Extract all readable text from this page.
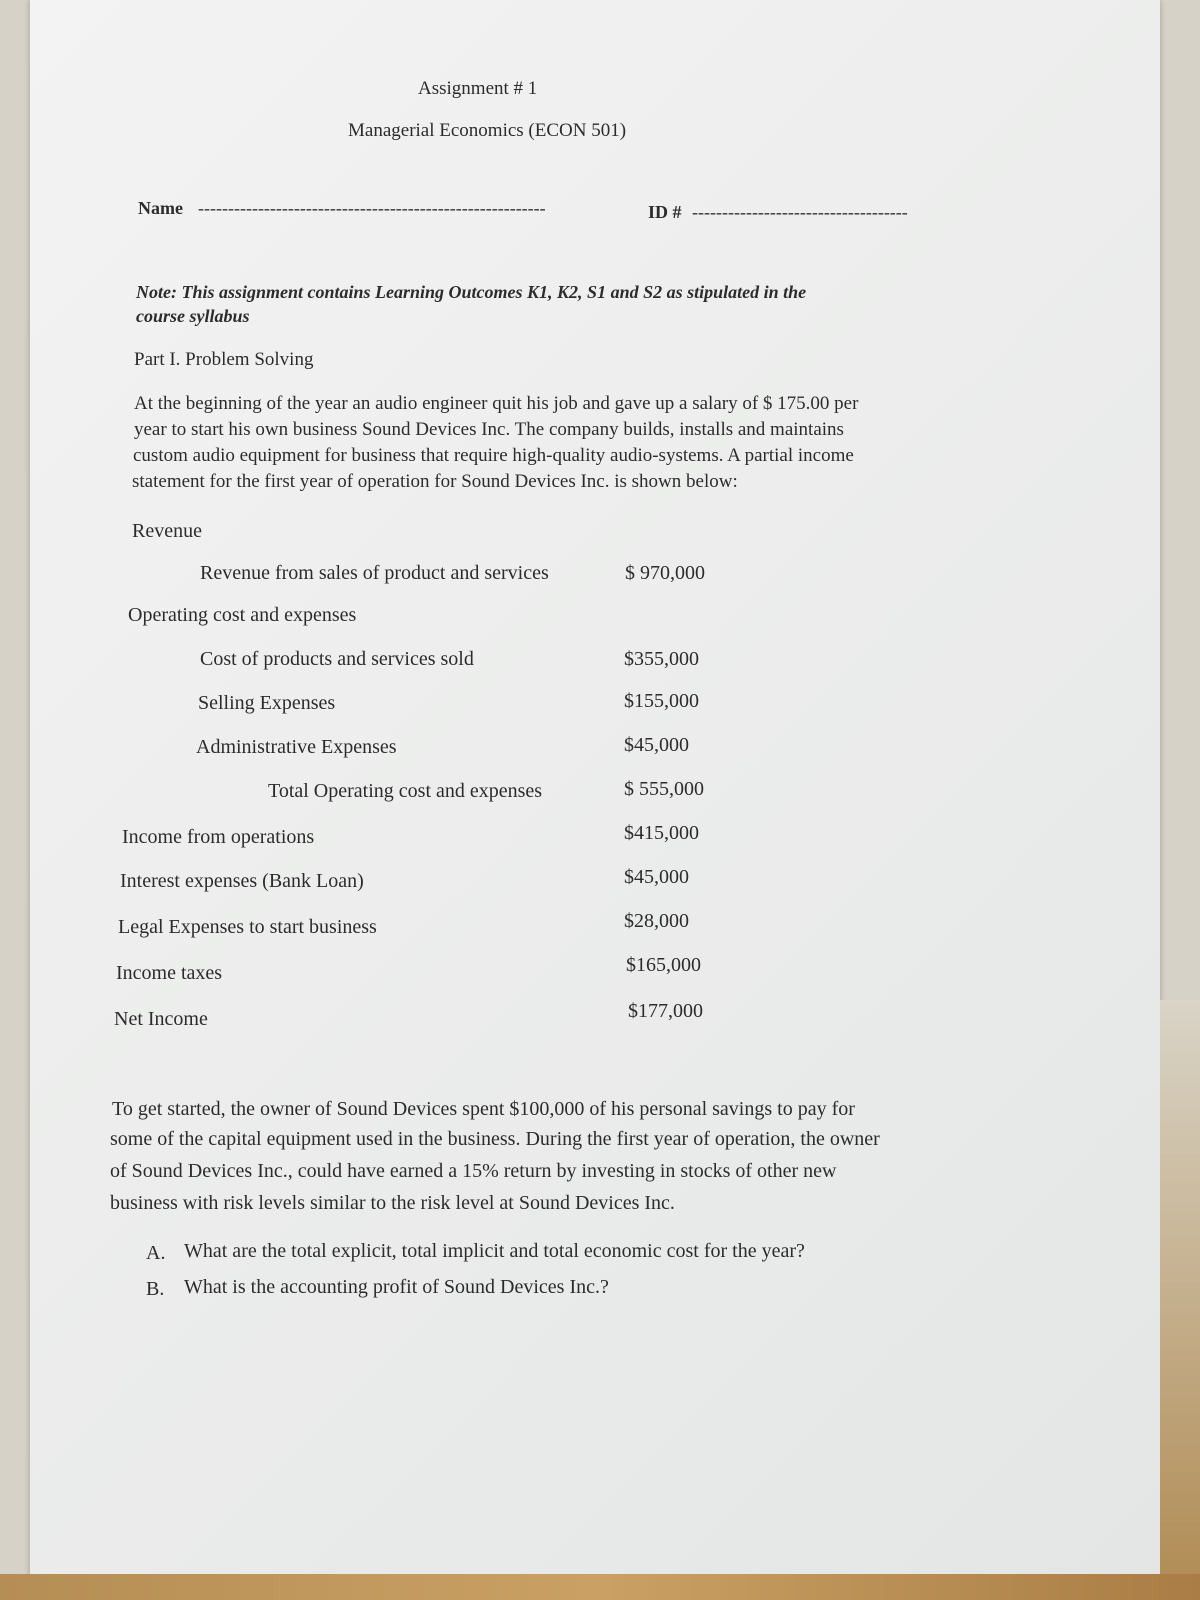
Assignment # 1
Managerial Economics (ECON 501)
Name ----------------------------------------------------------	ID # ------------------------------------
Note: This assignment contains Learning Outcomes K1, K2, S1 and S2 as stipulated in the
course syllabus
Part I. Problem Solving
At the beginning of the year an audio engineer quit his job and gave up a salary of $ 175.00 per
year to start his own business Sound Devices Inc. The company builds, installs and maintains
custom audio equipment for business that require high-quality audio-systems. A partial income
statement for the first year of operation for Sound Devices Inc. is shown below:
Revenue
Revenue from sales of product and services	$ 970,000
Operating cost and expenses
Cost of products and services sold	$355,000
Selling Expenses	$155,000
Administrative Expenses	$45,000
Total Operating cost and expenses	$ 555,000
Income from operations	$415,000
Interest expenses (Bank Loan)	$45,000
Legal Expenses to start business	$28,000
Income taxes	$165,000
Net Income	$177,000
To get started, the owner of Sound Devices spent $100,000 of his personal savings to pay for
some of the capital equipment used in the business. During the first year of operation, the owner
of Sound Devices Inc., could have earned a 15% return by investing in stocks of other new
business with risk levels similar to the risk level at Sound Devices Inc.
A. What are the total explicit, total implicit and total economic cost for the year?
B. What is the accounting profit of Sound Devices Inc.?
